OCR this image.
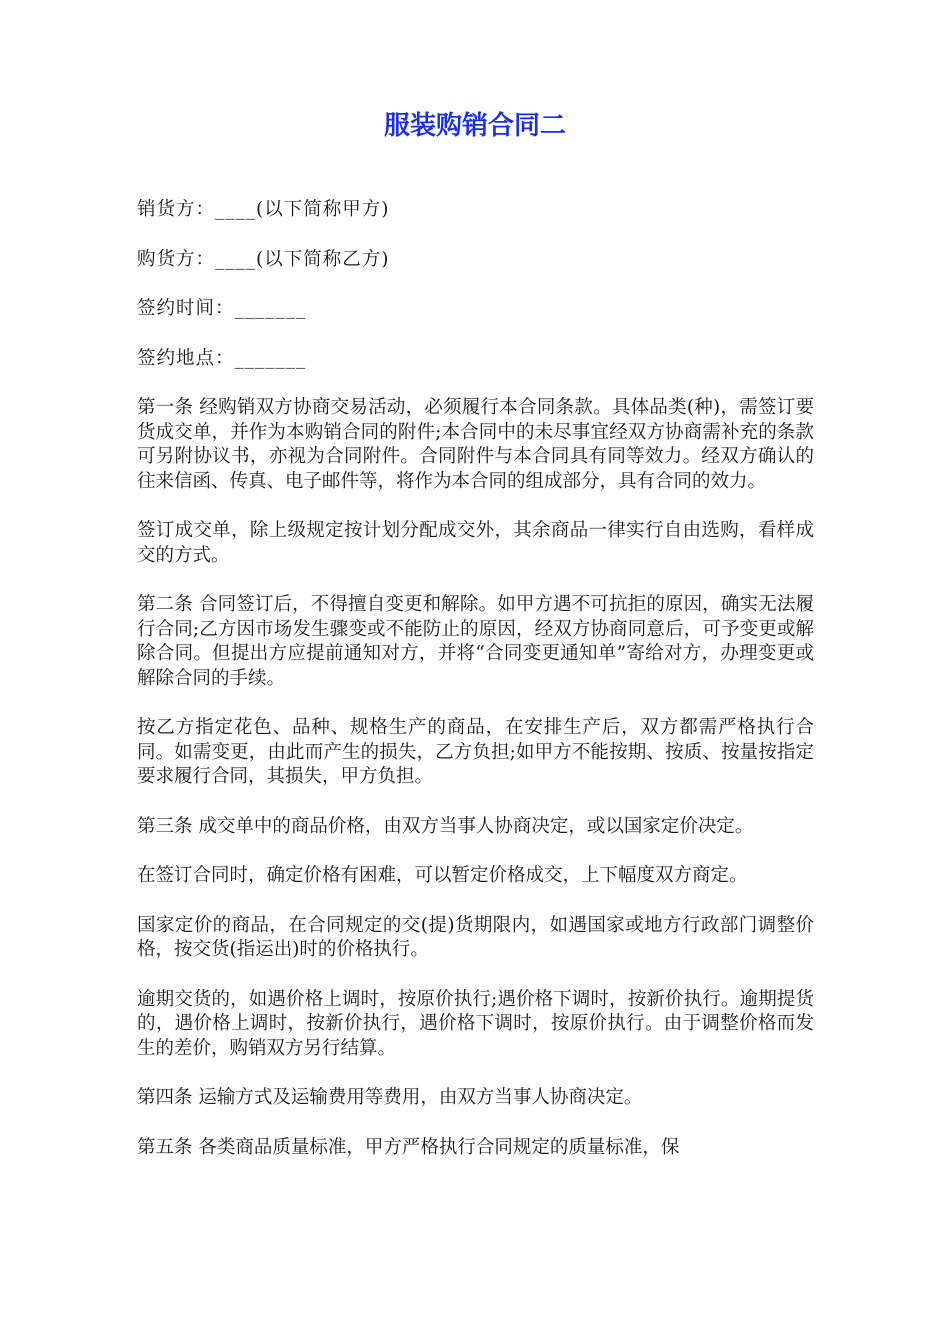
服装购销合同二

销货方：____(以下简称甲方)

购货方：____(以下简称乙方)

签约时间：_______

签约地点：_______

第一条 经购销双方协商交易活动，必须履行本合同条款。具体品类(种)，需签订要货成交单，并作为本购销合同的附件;本合同中的未尽事宜经双方协商需补充的条款可另附协议书，亦视为合同附件。合同附件与本合同具有同等效力。经双方确认的往来信函、传真、电子邮件等，将作为本合同的组成部分，具有合同的效力。

签订成交单，除上级规定按计划分配成交外，其余商品一律实行自由选购，看样成交的方式。

第二条 合同签订后，不得擅自变更和解除。如甲方遇不可抗拒的原因，确实无法履行合同;乙方因市场发生骤变或不能防止的原因，经双方协商同意后，可予变更或解除合同。但提出方应提前通知对方，并将“合同变更通知单”寄给对方，办理变更或解除合同的手续。

按乙方指定花色、品种、规格生产的商品，在安排生产后，双方都需严格执行合同。如需变更，由此而产生的损失，乙方负担;如甲方不能按期、按质、按量按指定要求履行合同，其损失，甲方负担。

第三条 成交单中的商品价格，由双方当事人协商决定，或以国家定价决定。

在签订合同时，确定价格有困难，可以暂定价格成交，上下幅度双方商定。

国家定价的商品，在合同规定的交(提)货期限内，如遇国家或地方行政部门调整价格，按交货(指运出)时的价格执行。

逾期交货的，如遇价格上调时，按原价执行;遇价格下调时，按新价执行。逾期提货的，遇价格上调时，按新价执行，遇价格下调时，按原价执行。由于调整价格而发生的差价，购销双方另行结算。

第四条 运输方式及运输费用等费用，由双方当事人协商决定。

第五条 各类商品质量标准，甲方严格执行合同规定的质量标准，保
